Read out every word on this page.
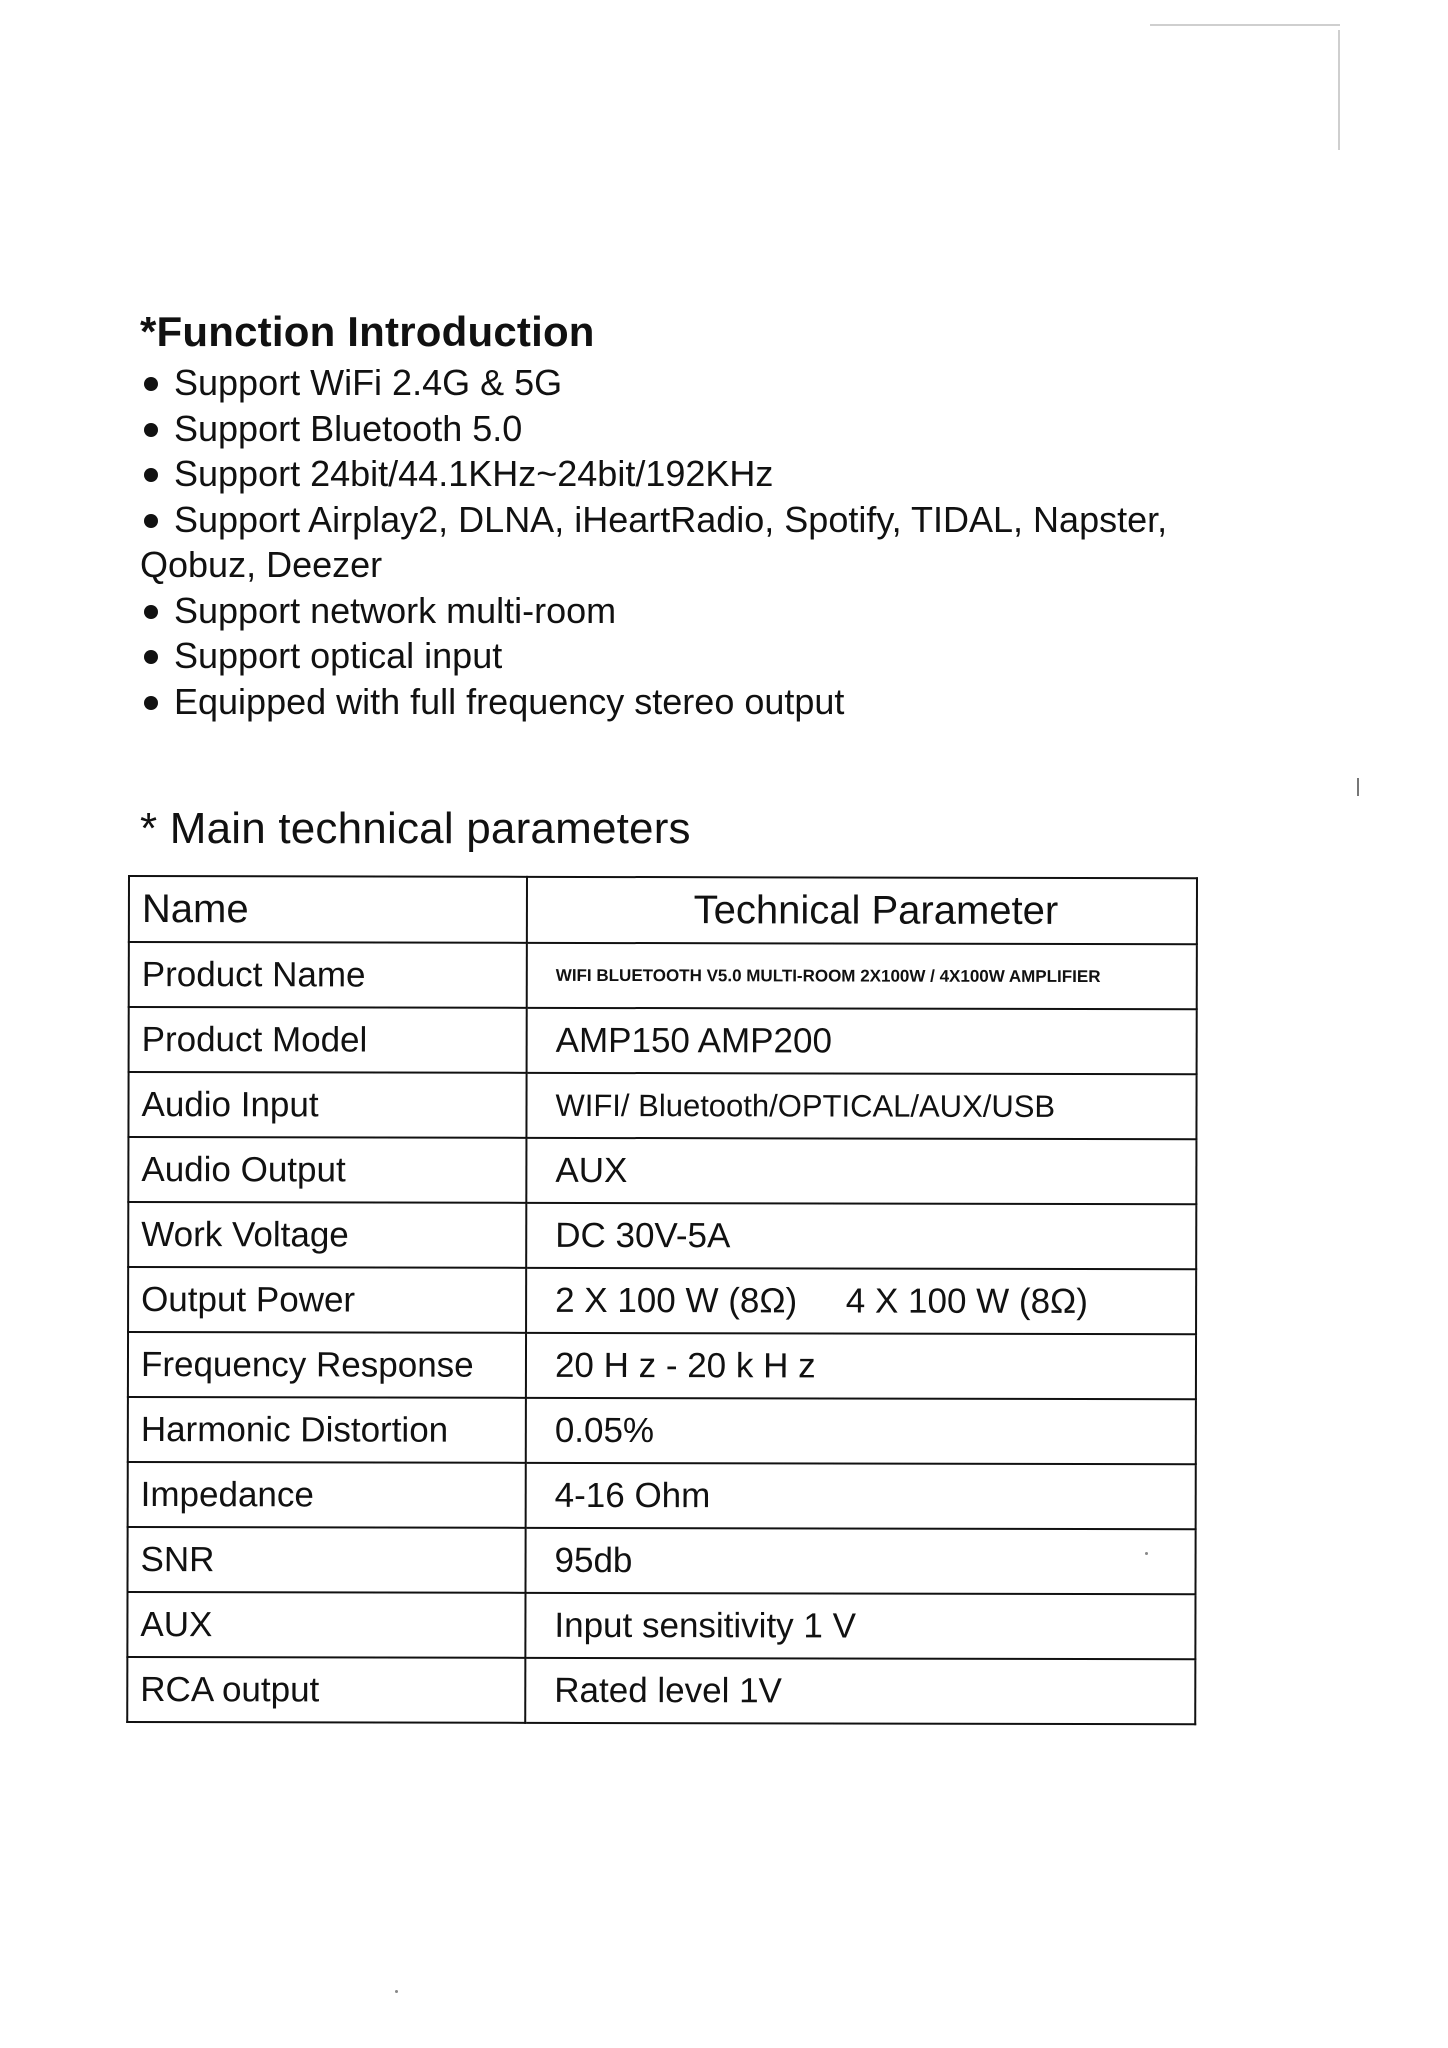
*Function Introduction
Support WiFi 2.4G & 5G
Support Bluetooth 5.0
Support 24bit/44.1KHz~24bit/192KHz
Support Airplay2, DLNA, iHeartRadio, Spotify, TIDAL, Napster,
Qobuz, Deezer
Support network multi-room
Support optical input
Equipped with full frequency stereo output
* Main technical parameters
Name	Technical Parameter
Product Name	WIFI BLUETOOTH V5.0 MULTI-ROOM 2X100W / 4X100W AMPLIFIER
Product Model	AMP150 AMP200
Audio Input	WIFI/ Bluetooth/OPTICAL/AUX/USB
Audio Output	AUX
Work Voltage	DC 30V-5A
Output Power	2 X 100 W (8Ω)     4 X 100 W (8Ω)
Frequency Response	20 H z - 20 k H z
Harmonic Distortion	0.05%
Impedance	4-16 Ohm
SNR	95db
AUX	Input sensitivity 1 V
RCA output	Rated level 1V
